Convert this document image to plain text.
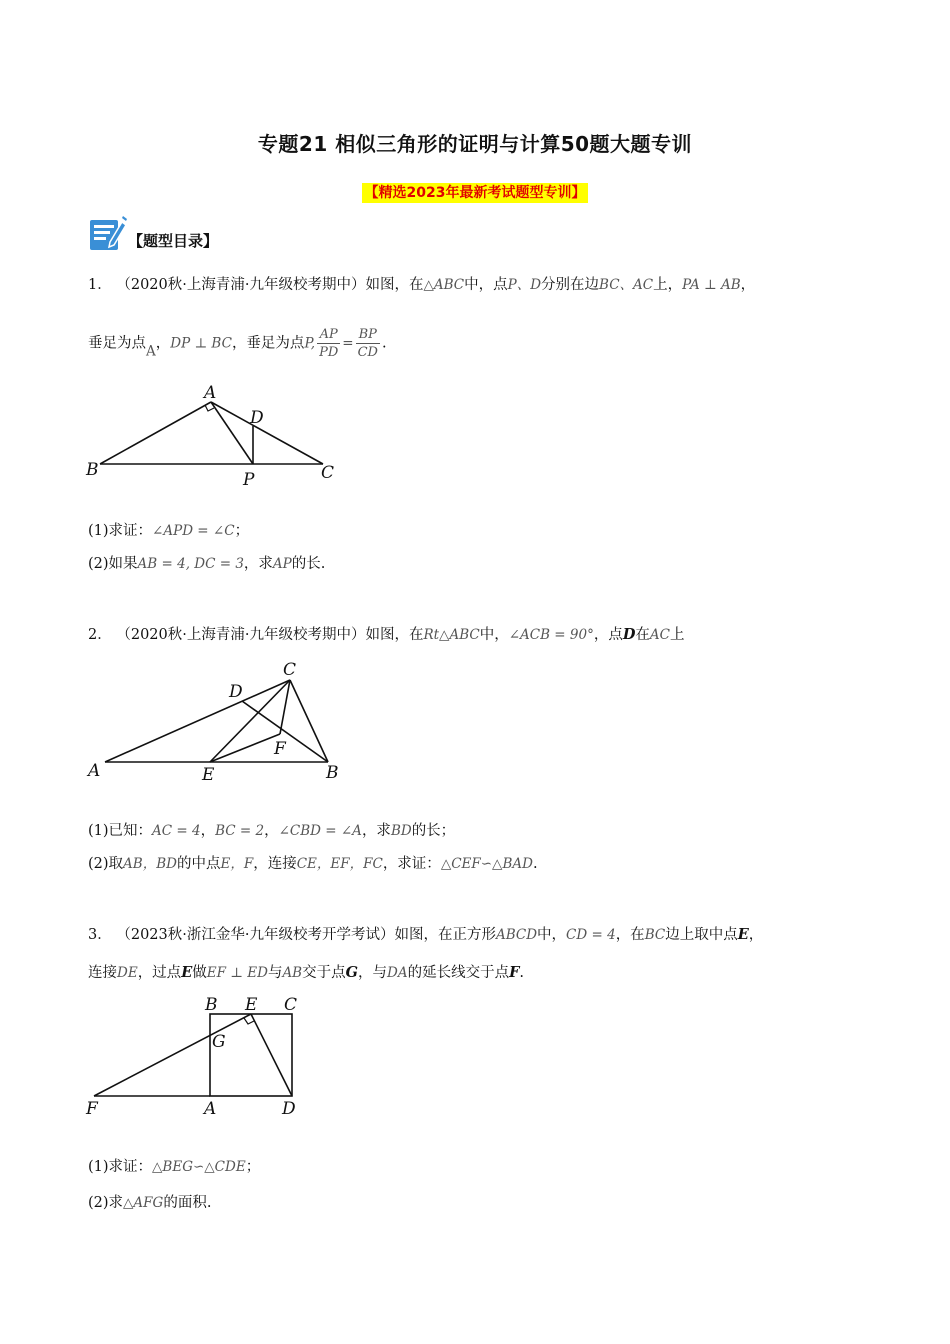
专题21 相似三角形的证明与计算50题大题专训
【精选2023年最新考试题型专训】
【题型目录】
1． （2020秋·上海青浦·九年级校考期中）如图，在△ABC中，点P、D分别在边BC、AC上，PA ⊥ AB，
垂足为点A，DP ⊥ BC，垂足为点P, $\frac{AP}{PD} = \frac{BP}{CD}$ .
A
B	C
D
P
(1)求证：∠APD = ∠C；
(2)如果AB = 4, DC = 3，求AP的长.
2． （2020秋·上海青浦·九年级校考期中）如图，在Rt△ABC中，∠ACB = 90°，点D在AC上
A	B
C
D
E
F
(1)已知：AC = 4，BC = 2，∠CBD = ∠A，求BD的长；
(2)取AB，BD的中点E，F，连接CE，EF，FC，求证：△CEF∽△BAD.
3． （2023秋·浙江金华·九年级校考开学考试）如图，在正方形ABCD中，CD = 4，在BC边上取中点E，
连接DE，过点E做EF ⊥ ED与AB交于点G，与DA的延长线交于点F.
A
B	C
D
E
F
G
(1)求证：△BEG∽△CDE；
(2)求△AFG的面积.
